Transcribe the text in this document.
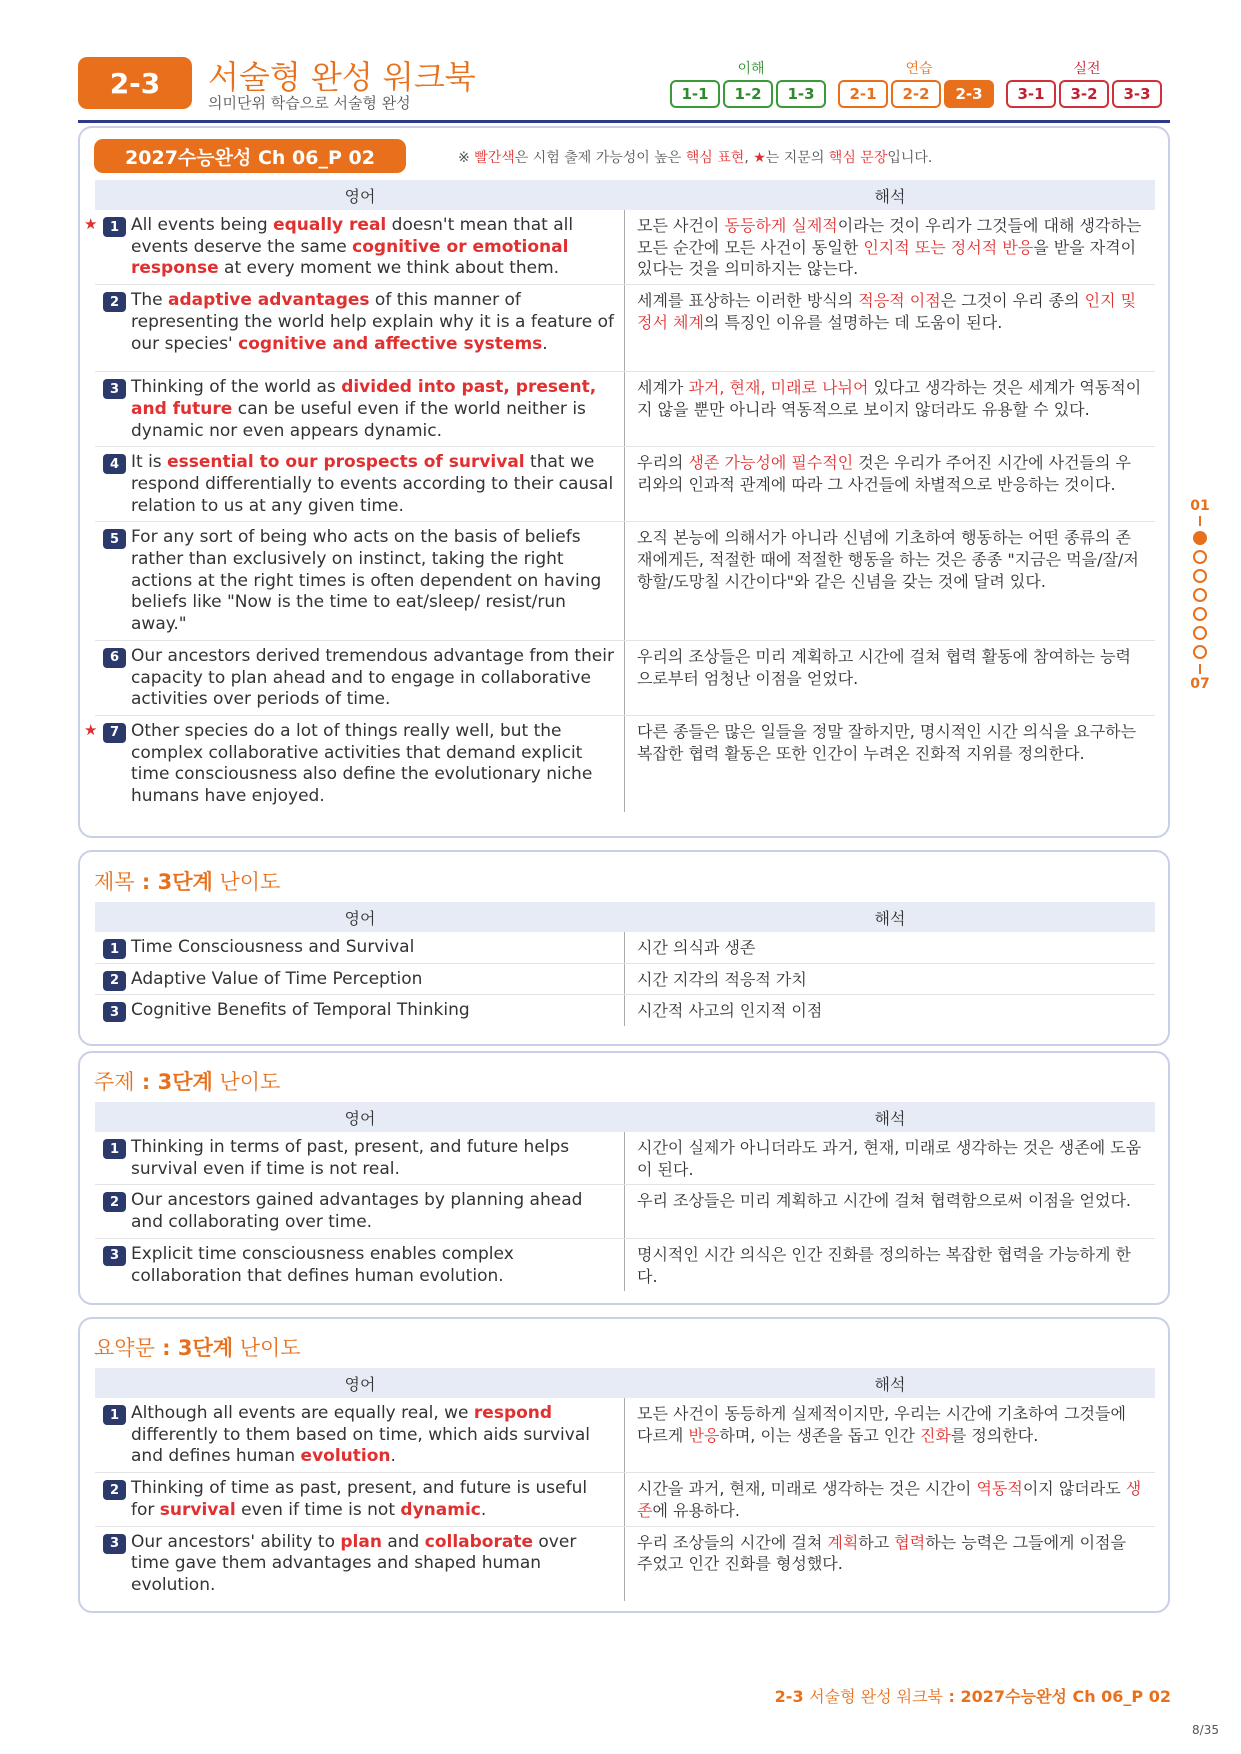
2-3	서술형 완성 워크북
의미단위 학습으로 서술형 완성
이해
1-1	1-2	1-3
연습
2-1	2-2	2-3
실전
3-1	3-2	3-3
2027수능완성 Ch 06_P 02	※ 빨간색은 시험 출제 가능성이 높은 핵심 표현, ★는 지문의 핵심 문장입니다.
영어	해석
★ 1 All events being equally real doesn't mean that all events deserve the same cognitive or emotional response at every moment we think about them.
모든 사건이 동등하게 실제적이라는 것이 우리가 그것들에 대해 생각하는 모든 순간에 모든 사건이 동일한 인지적 또는 정서적 반응을 받을 자격이 있다는 것을 의미하지는 않는다.
2 The adaptive advantages of this manner of representing the world help explain why it is a feature of our species' cognitive and affective systems.
세계를 표상하는 이러한 방식의 적응적 이점은 그것이 우리 종의 인지 및 정서 체계의 특징인 이유를 설명하는 데 도움이 된다.
3 Thinking of the world as divided into past, present, and future can be useful even if the world neither is dynamic nor even appears dynamic.
세계가 과거, 현재, 미래로 나뉘어 있다고 생각하는 것은 세계가 역동적이지 않을 뿐만 아니라 역동적으로 보이지 않더라도 유용할 수 있다.
4 It is essential to our prospects of survival that we respond differentially to events according to their causal relation to us at any given time.
우리의 생존 가능성에 필수적인 것은 우리가 주어진 시간에 사건들의 우리와의 인과적 관계에 따라 그 사건들에 차별적으로 반응하는 것이다.
5 For any sort of being who acts on the basis of beliefs rather than exclusively on instinct, taking the right actions at the right times is often dependent on having beliefs like "Now is the time to eat/sleep/ resist/run away."
오직 본능에 의해서가 아니라 신념에 기초하여 행동하는 어떤 종류의 존재에게든, 적절한 때에 적절한 행동을 하는 것은 종종 "지금은 먹을/잘/저항할/도망칠 시간이다"와 같은 신념을 갖는 것에 달려 있다.
6 Our ancestors derived tremendous advantage from their capacity to plan ahead and to engage in collaborative activities over periods of time.
우리의 조상들은 미리 계획하고 시간에 걸쳐 협력 활동에 참여하는 능력으로부터 엄청난 이점을 얻었다.
★ 7 Other species do a lot of things really well, but the complex collaborative activities that demand explicit time consciousness also define the evolutionary niche humans have enjoyed.
다른 종들은 많은 일들을 정말 잘하지만, 명시적인 시간 의식을 요구하는 복잡한 협력 활동은 또한 인간이 누려온 진화적 지위를 정의한다.
제목 : 3단계 난이도
영어	해석
1 Time Consciousness and Survival	시간 의식과 생존
2 Adaptive Value of Time Perception	시간 지각의 적응적 가치
3 Cognitive Benefits of Temporal Thinking	시간적 사고의 인지적 이점
주제 : 3단계 난이도
영어	해석
1 Thinking in terms of past, present, and future helps survival even if time is not real.
시간이 실제가 아니더라도 과거, 현재, 미래로 생각하는 것은 생존에 도움이 된다.
2 Our ancestors gained advantages by planning ahead and collaborating over time.
우리 조상들은 미리 계획하고 시간에 걸쳐 협력함으로써 이점을 얻었다.
3 Explicit time consciousness enables complex collaboration that defines human evolution.
명시적인 시간 의식은 인간 진화를 정의하는 복잡한 협력을 가능하게 한다.
요약문 : 3단계 난이도
영어	해석
1 Although all events are equally real, we respond differently to them based on time, which aids survival and defines human evolution.
모든 사건이 동등하게 실제적이지만, 우리는 시간에 기초하여 그것들에 다르게 반응하며, 이는 생존을 돕고 인간 진화를 정의한다.
2 Thinking of time as past, present, and future is useful for survival even if time is not dynamic.
시간을 과거, 현재, 미래로 생각하는 것은 시간이 역동적이지 않더라도 생존에 유용하다.
3 Our ancestors' ability to plan and collaborate over time gave them advantages and shaped human evolution.
우리 조상들의 시간에 걸쳐 계획하고 협력하는 능력은 그들에게 이점을 주었고 인간 진화를 형성했다.
01
07
2-3 서술형 완성 워크북 : 2027수능완성 Ch 06_P 02
8/35
